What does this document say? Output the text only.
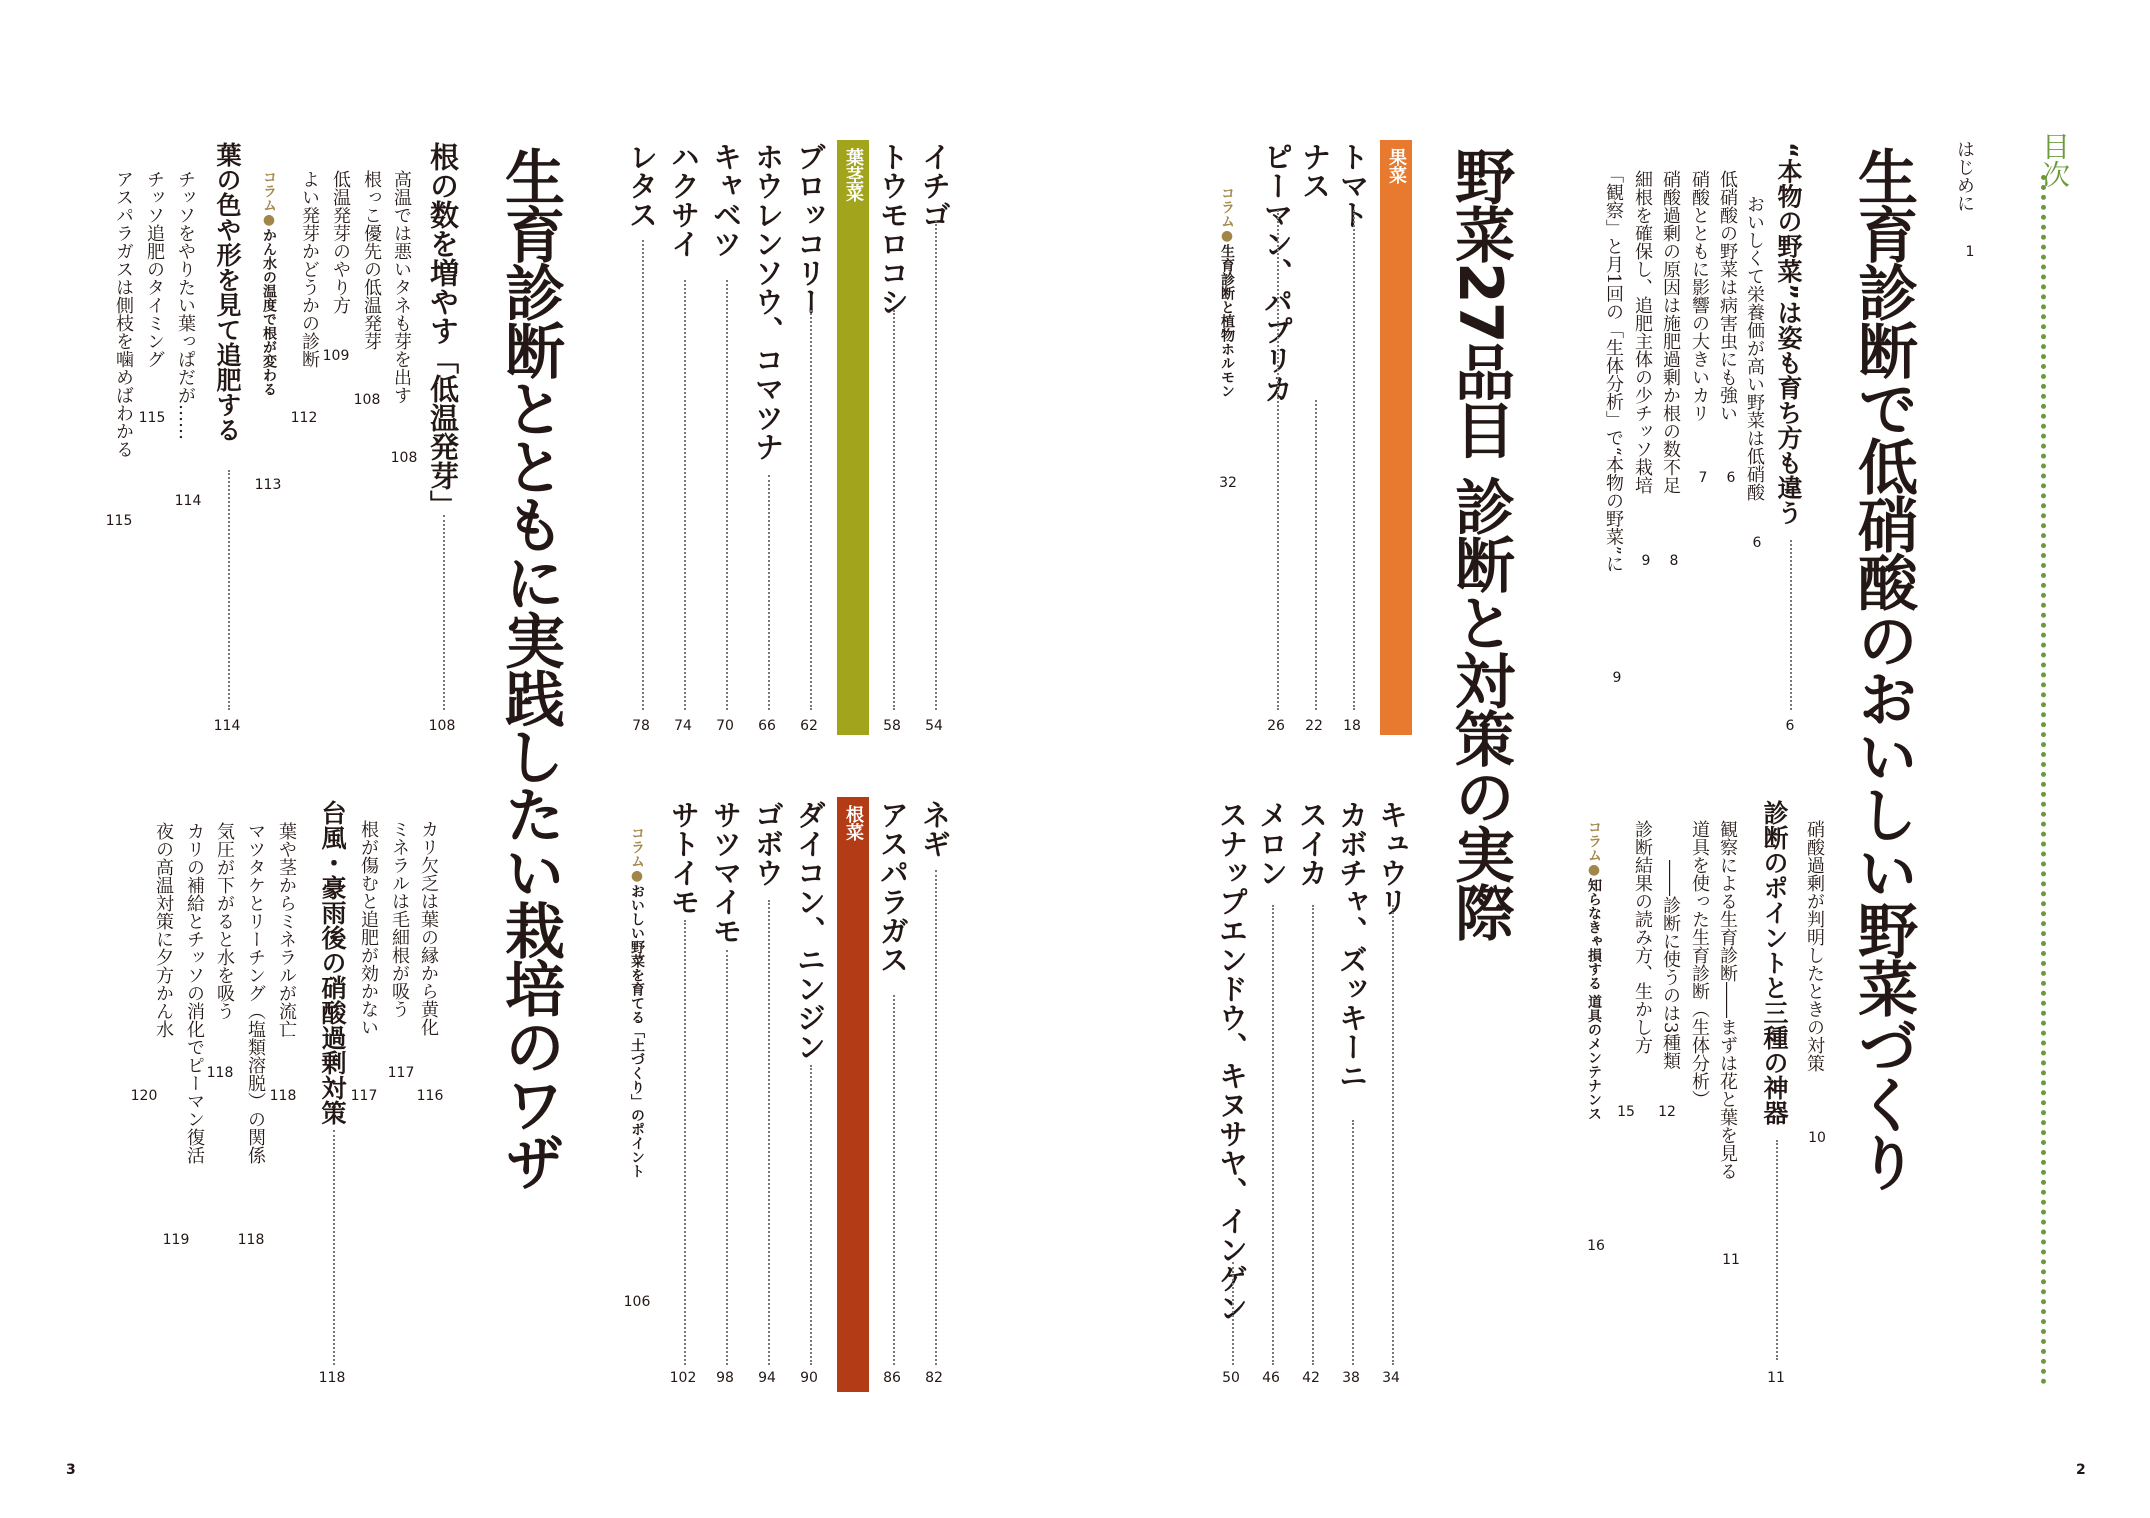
目次
はじめに
1
生育診断で低硝酸のおいしい野菜づくり
“本物の野菜”は姿も育ち方も違う
6
おいしくて栄養価が高い野菜は低硝酸
6
低硝酸の野菜は病害虫にも強い
6
硝酸とともに影響の大きいカリ
7
硝酸過剰の原因は施肥過剰か根の数不足
8
細根を確保し、追肥主体の少チッソ栽培
9
「観察」と月1回の「生体分析」で“本物の野菜”に
9
硝酸過剰が判明したときの対策
10
診断のポイントと三種の神器
11
観察による生育診断――まずは花と葉を見る
11
道具を使った生育診断（生体分析）
12
――診断に使うのは3種類
診断結果の読み方、生かし方
15
コラム●知らなきゃ損する 道具のメンテナンス
16
野菜27品目 診断と対策の実際
果菜
トマト
18
ナス
22
ピーマン、パプリカ
26
コラム●生育診断と植物ホルモン
32
キュウリ
34
カボチャ、ズッキーニ
38
スイカ
42
メロン
46
スナップエンドウ、キヌサヤ、インゲン
50
イチゴ
54
トウモロコシ
58
葉茎菜
ブロッコリー
62
ホウレンソウ、コマツナ
66
キャベツ
70
ハクサイ
74
レタス
78
ネギ
82
アスパラガス
86
根菜
ダイコン、ニンジン
90
ゴボウ
94
サツマイモ
98
サトイモ
102
コラム●おいしい野菜を育てる「土づくり」のポイント
106
生育診断とともに実践したい栽培のワザ
根の数を増やす「低温発芽」
108
高温では悪いタネも芽を出す
108
根っこ優先の低温発芽
108
低温発芽のやり方
109
よい発芽かどうかの診断
112
コラム●かん水の温度で根が変わる
113
葉の色や形を見て追肥する
114
チッソをやりたい葉っぱだが……
114
チッソ追肥のタイミング
115
アスパラガスは側枝を噛めばわかる
115
カリ欠乏は葉の縁から黄化
116
ミネラルは毛細根が吸う
117
根が傷むと追肥が効かない
117
台風・豪雨後の硝酸過剰対策
118
葉や茎からミネラルが流亡
118
マツタケとリーチング（塩類溶脱）の関係
118
気圧が下がると水を吸う
118
カリの補給とチッソの消化でピーマン復活
119
夜の高温対策に夕方かん水
120
3	2
